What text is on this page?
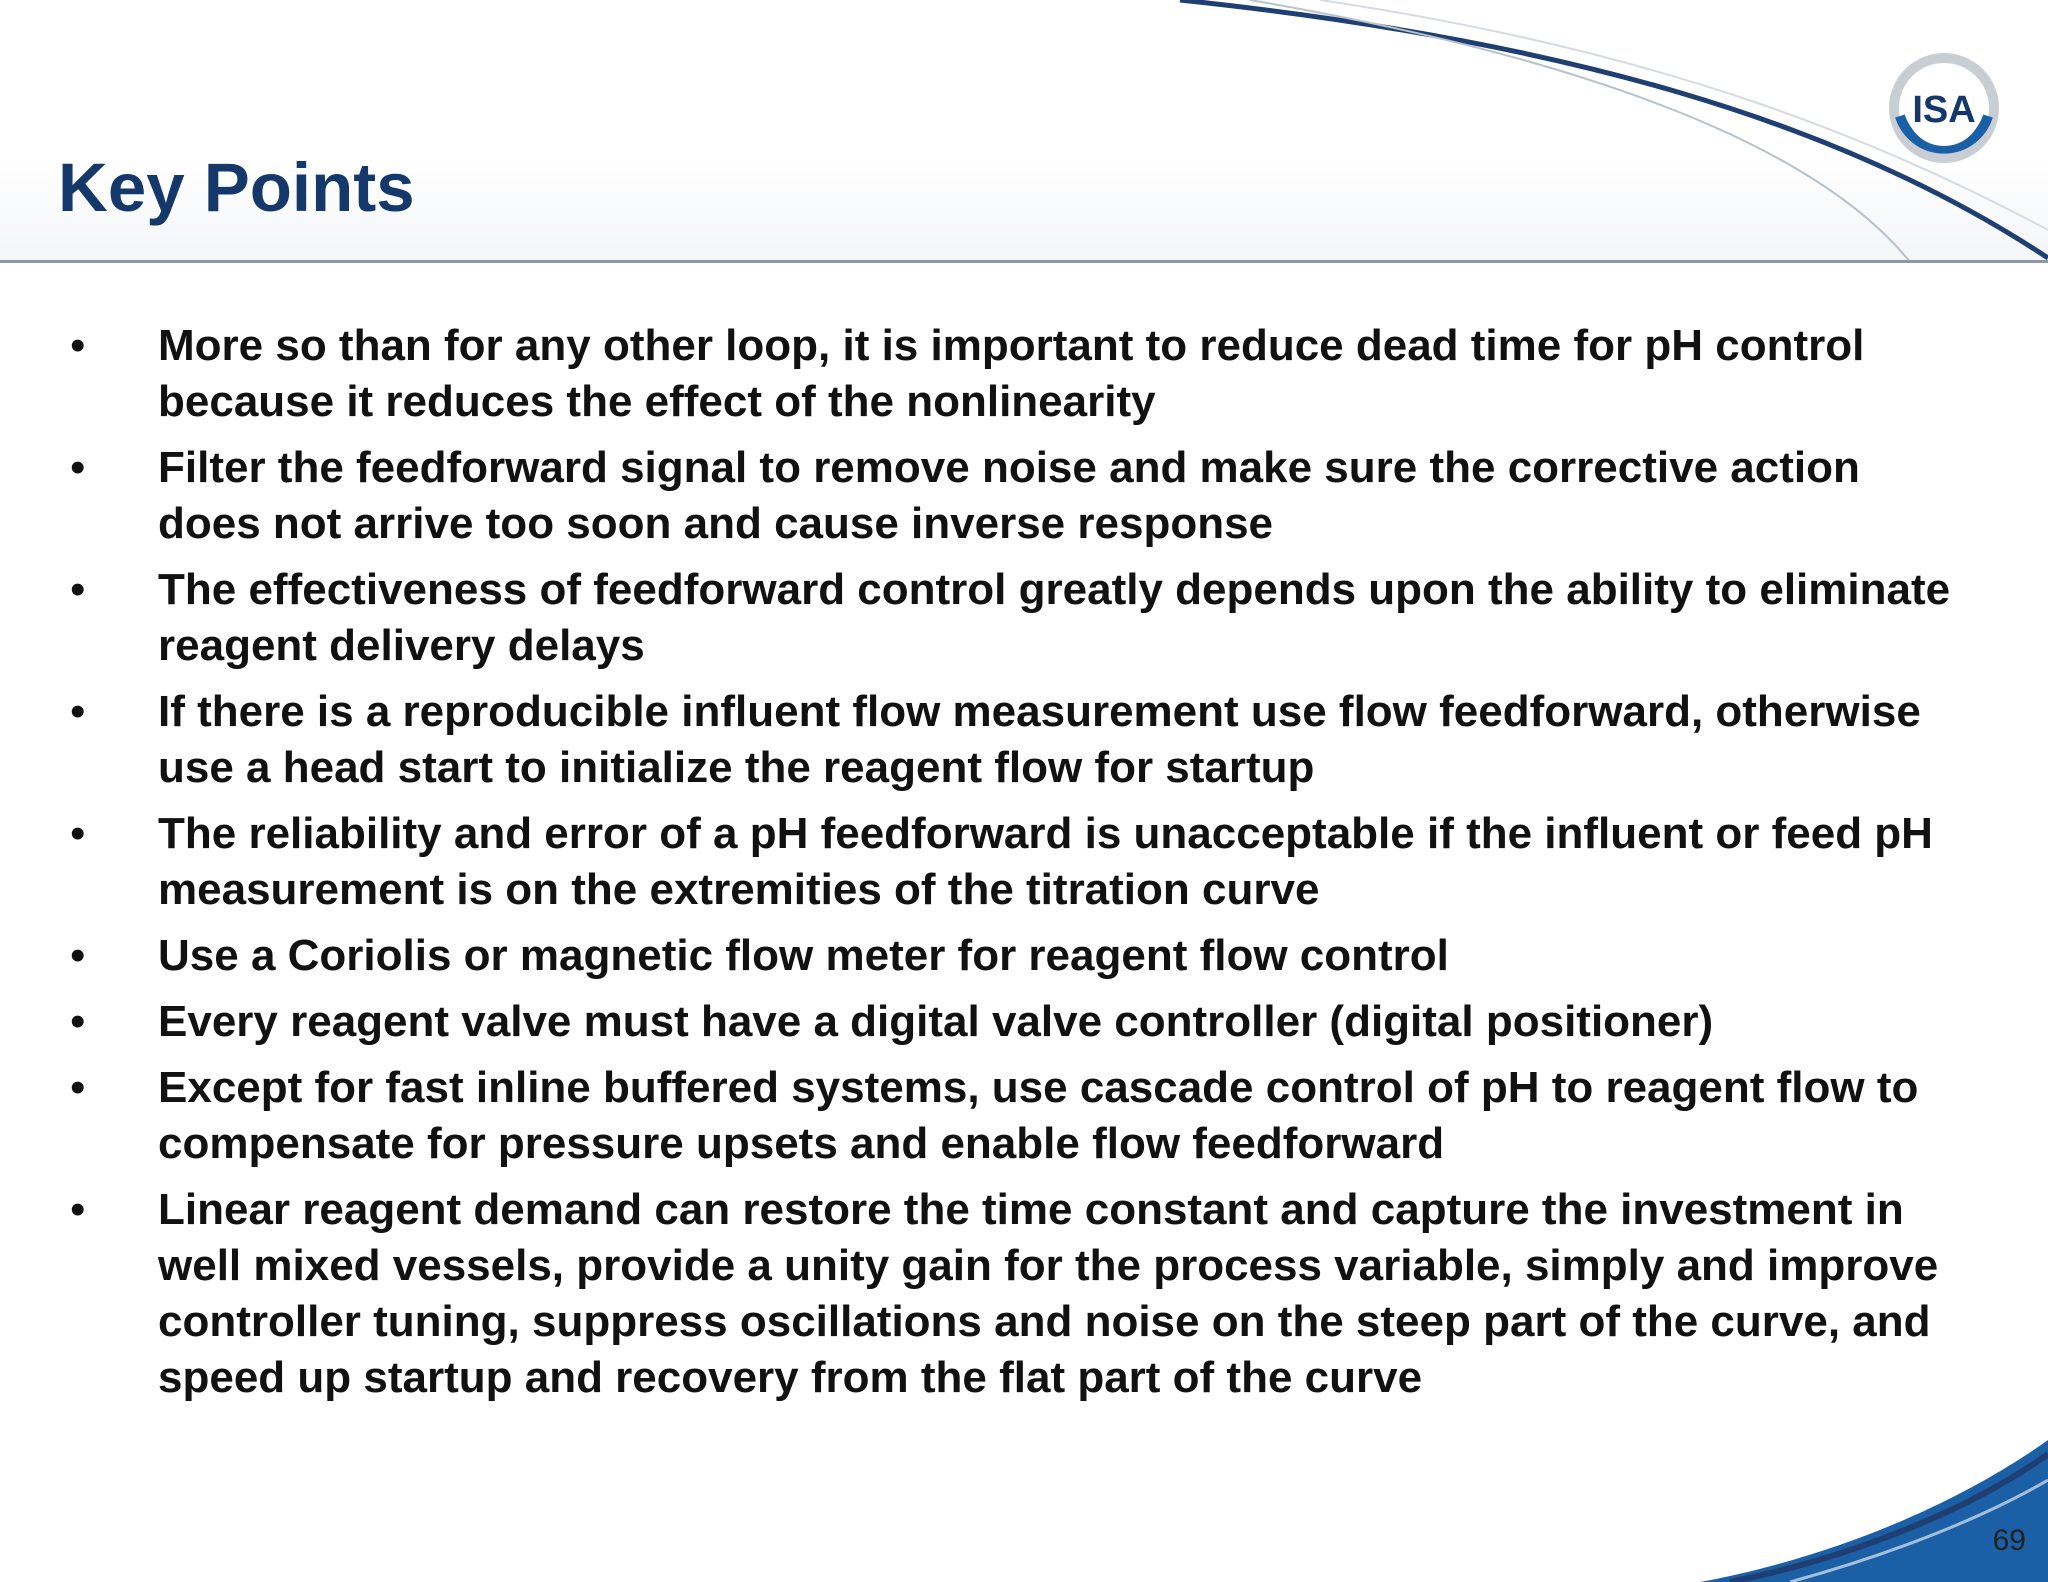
Key Points
ISA
•	More so than for any other loop, it is important to reduce dead time for pH control because it reduces the effect of the nonlinearity
•	Filter the feedforward signal to remove noise and make sure the corrective action does not arrive too soon and cause inverse response
•	The effectiveness of feedforward control greatly depends upon the ability to eliminate reagent delivery delays
•	If there is a reproducible influent flow measurement use flow feedforward, otherwise use a head start to initialize the reagent flow for startup
•	The reliability and error of a pH feedforward is unacceptable if the influent or feed pH measurement is on the extremities of the titration curve
•	Use a Coriolis or magnetic flow meter for reagent flow control
•	Every reagent valve must have a digital valve controller (digital positioner)
•	Except for fast inline buffered systems, use cascade control of pH to reagent flow to compensate for pressure upsets and enable flow feedforward
•	Linear reagent demand can restore the time constant and capture the investment in well mixed vessels, provide a unity gain for the process variable, simply and improve controller tuning, suppress oscillations and noise on the steep part of the curve, and speed up startup and recovery from the flat part of the curve
69
